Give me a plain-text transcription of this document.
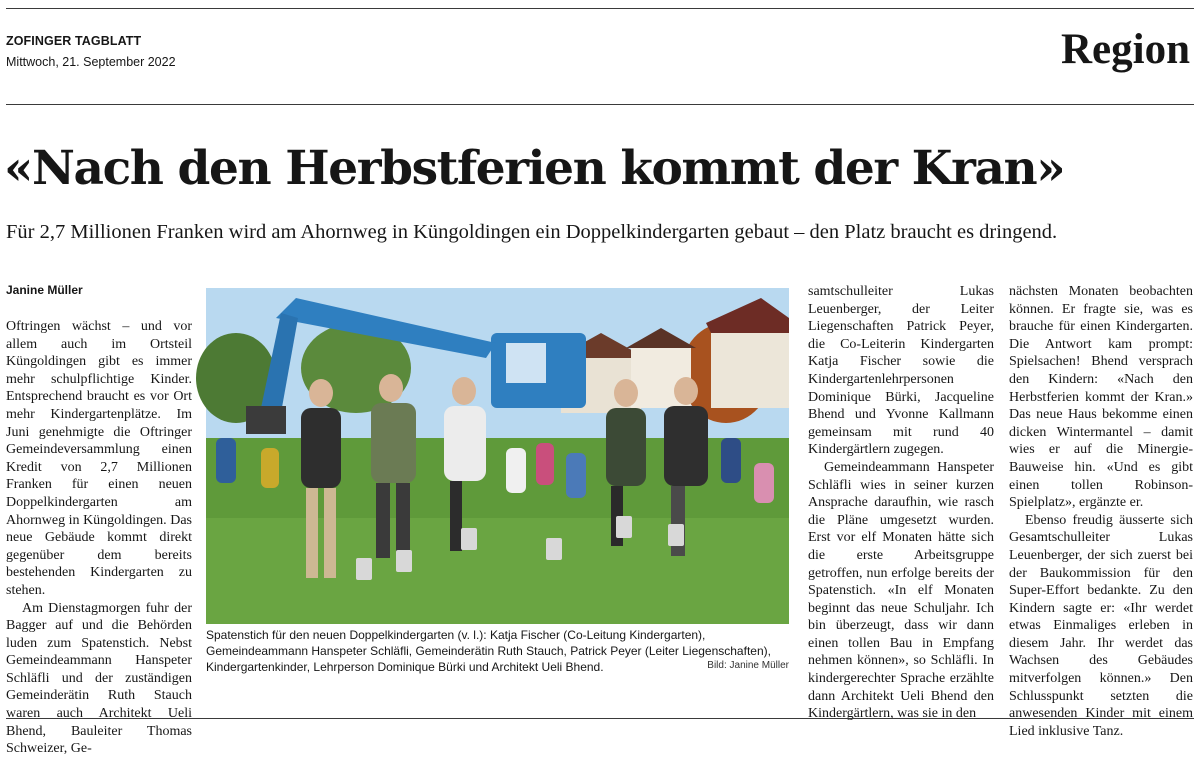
ZOFINGER TAGBLATT
Mittwoch, 21. September 2022	Region
«Nach den Herbstferien kommt der Kran»
Für 2,7 Millionen Franken wird am Ahornweg in Küngoldingen ein Doppelkindergarten gebaut – den Platz braucht es dringend.
Janine Müller

Oftringen wächst – und vor allem auch im Ortsteil Küngoldingen gibt es immer mehr schulpflichtige Kinder. Entsprechend braucht es vor Ort mehr Kindergartenplätze. Im Juni genehmigte die Oftringer Gemeindeversammlung einen Kredit von 2,7 Millionen Franken für einen neuen Doppelkindergarten am Ahornweg in Küngoldingen. Das neue Gebäude kommt direkt gegenüber dem bereits bestehenden Kindergarten zu stehen.

Am Dienstagmorgen fuhr der Bagger auf und die Behörden luden zum Spatenstich. Nebst Gemeindeammann Hanspeter Schläfli und der zuständigen Gemeinderätin Ruth Stauch waren auch Architekt Ueli Bhend, Bauleiter Thomas Schweizer, Ge-

Spatenstich für den neuen Doppelkindergarten (v. l.): Katja Fischer (Co-Leitung Kindergarten), Gemeindeammann Hanspeter Schläfli, Gemeinderätin Ruth Stauch, Patrick Peyer (Leiter Liegenschaften), Kindergartenkinder, Lehrperson Dominique Bürki und Architekt Ueli Bhend.	Bild: Janine Müller

samtschulleiter Lukas Leuenberger, der Leiter Liegenschaften Patrick Peyer, die Co-Leiterin Kindergarten Katja Fischer sowie die Kindergartenlehrpersonen Dominique Bürki, Jacqueline Bhend und Yvonne Kallmann gemeinsam mit rund 40 Kindergärtlern zugegen.

Gemeindeammann Hanspeter Schläfli wies in seiner kurzen Ansprache daraufhin, wie rasch die Pläne umgesetzt wurden. Erst vor elf Monaten hätte sich die erste Arbeitsgruppe getroffen, nun erfolge bereits der Spatenstich. «In elf Monaten beginnt das neue Schuljahr. Ich bin überzeugt, dass wir dann einen tollen Bau in Empfang nehmen können», so Schläfli. In kindergerechter Sprache erzählte dann Architekt Ueli Bhend den Kindergärtlern, was sie in den

nächsten Monaten beobachten können. Er fragte sie, was es brauche für einen Kindergarten. Die Antwort kam prompt: Spielsachen! Bhend versprach den Kindern: «Nach den Herbstferien kommt der Kran.» Das neue Haus bekomme einen dicken Wintermantel – damit wies er auf die Minergie-Bauweise hin. «Und es gibt einen tollen Robinson-Spielplatz», ergänzte er.

Ebenso freudig äusserte sich Gesamtschulleiter Lukas Leuenberger, der sich zuerst bei der Baukommission für den Super-Effort bedankte. Zu den Kindern sagte er: «Ihr werdet etwas Einmaliges erleben in diesem Jahr. Ihr werdet das Wachsen des Gebäudes mitverfolgen können.» Den Schlusspunkt setzten die anwesenden Kinder mit einem Lied inklusive Tanz.
